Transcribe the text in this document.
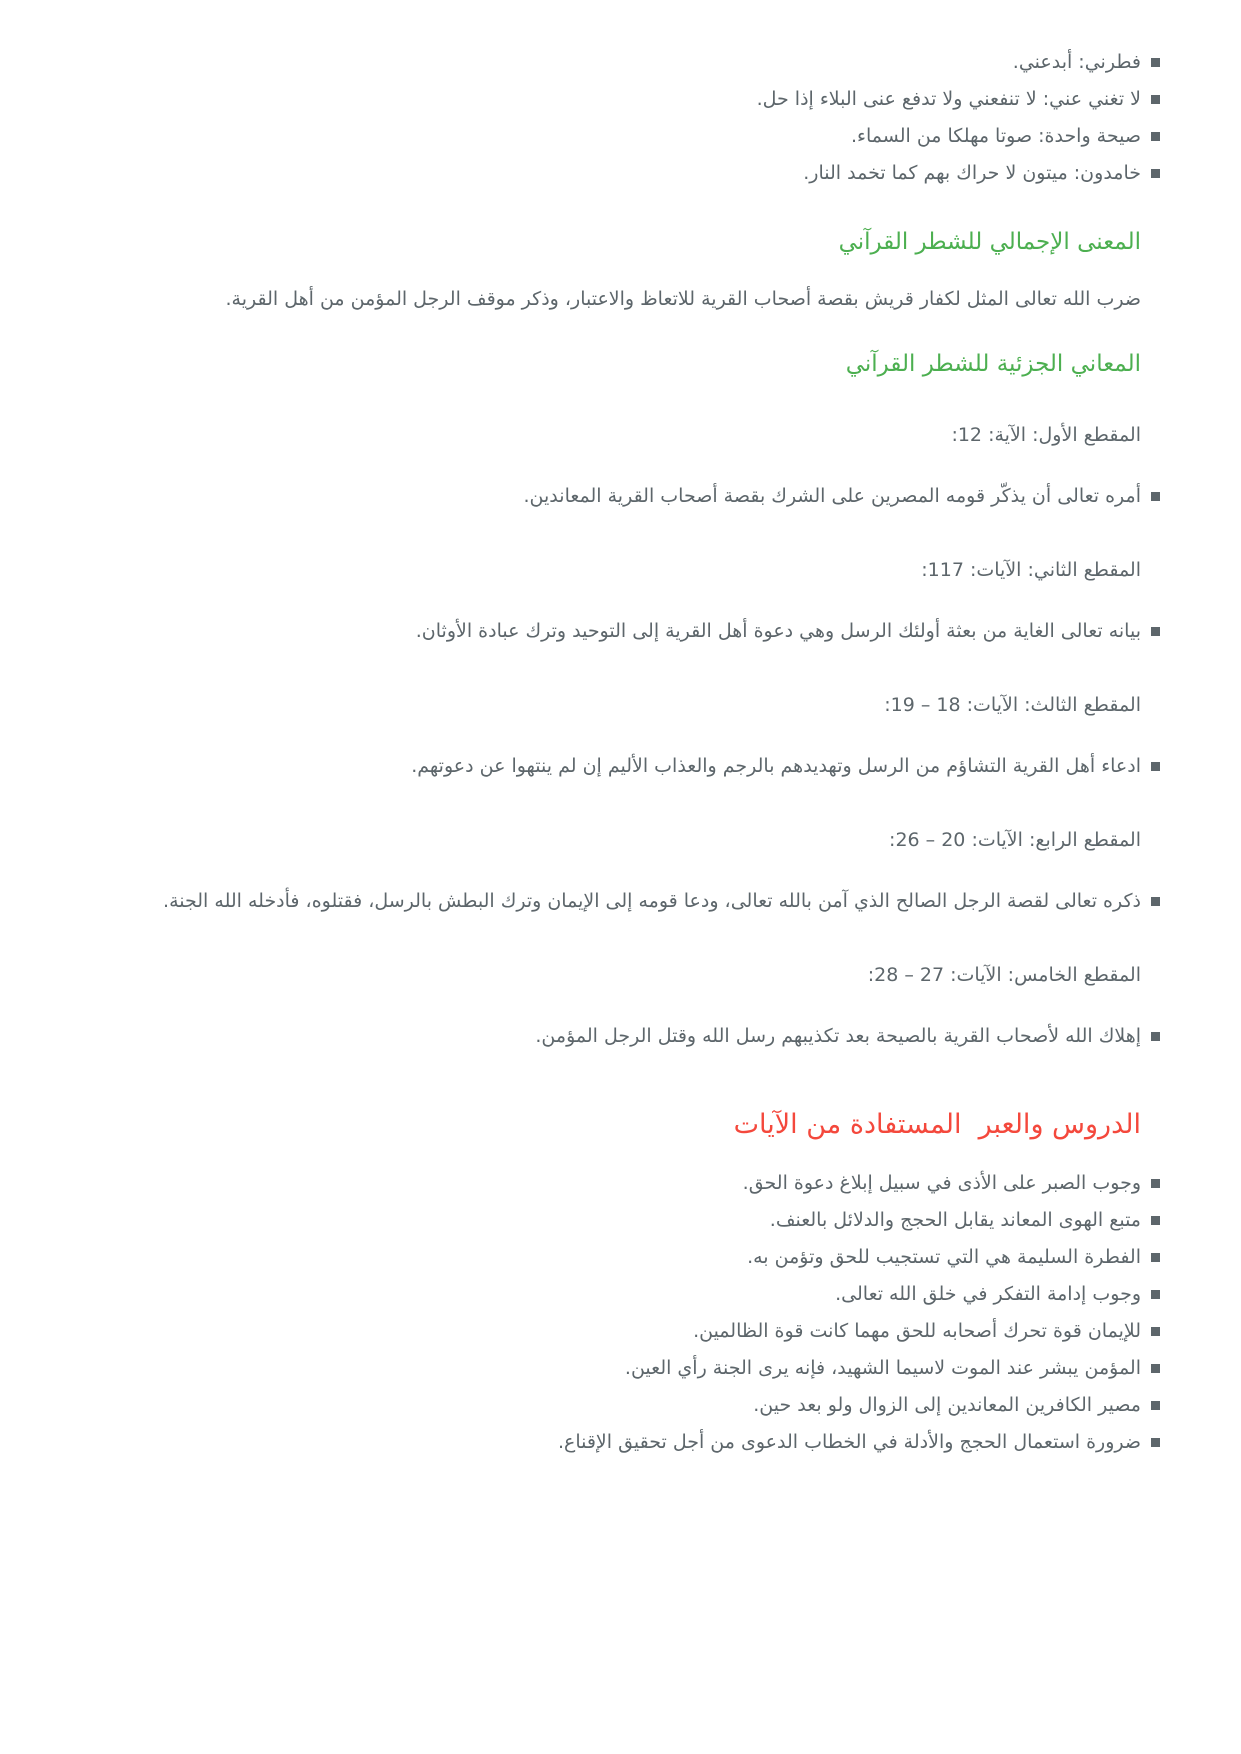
فطرني: أبدعني.
لا تغني عني: لا تنفعني ولا تدفع عنى البلاء إذا حل.
صيحة واحدة: صوتا مهلكا من السماء.
خامدون: ميتون لا حراك بهم كما تخمد النار.
المعنى الإجمالي للشطر القرآني

ضرب الله تعالى المثل لكفار قريش بقصة أصحاب القرية للاتعاظ والاعتبار، وذكر موقف الرجل المؤمن من أهل القرية.

المعاني الجزئية للشطر القرآني

المقطع الأول: الآية: 12:

أمره تعالى أن يذكّر قومه المصرين على الشرك بقصة أصحاب القرية المعاندين.

المقطع الثاني: الآيات: 117:

بيانه تعالى الغاية من بعثة أولئك الرسل وهي دعوة أهل القرية إلى التوحيد وترك عبادة الأوثان.

المقطع الثالث: الآيات: 18 – 19:

ادعاء أهل القرية التشاؤم من الرسل وتهديدهم بالرجم والعذاب الأليم إن لم ينتهوا عن دعوتهم.

المقطع الرابع: الآيات: 20 – 26:

ذكره تعالى لقصة الرجل الصالح الذي آمن بالله تعالى، ودعا قومه إلى الإيمان وترك البطش بالرسل، فقتلوه، فأدخله الله الجنة.

المقطع الخامس: الآيات: 27 – 28:

إهلاك الله لأصحاب القرية بالصيحة بعد تكذيبهم رسل الله وقتل الرجل المؤمن.
الدروس والعبر  المستفادة من الآيات
وجوب الصبر على الأذى في سبيل إبلاغ دعوة الحق.
متبع الهوى المعاند يقابل الحجج والدلائل بالعنف.
الفطرة السليمة هي التي تستجيب للحق وتؤمن به.
وجوب إدامة التفكر في خلق الله تعالى.
للإيمان قوة تحرك أصحابه للحق مهما كانت قوة الظالمين.
المؤمن يبشر عند الموت لاسيما الشهيد، فإنه يرى الجنة رأي العين.
مصير الكافرين المعاندين إلى الزوال ولو بعد حين.
ضرورة استعمال الحجج والأدلة في الخطاب الدعوى من أجل تحقيق الإقناع.
